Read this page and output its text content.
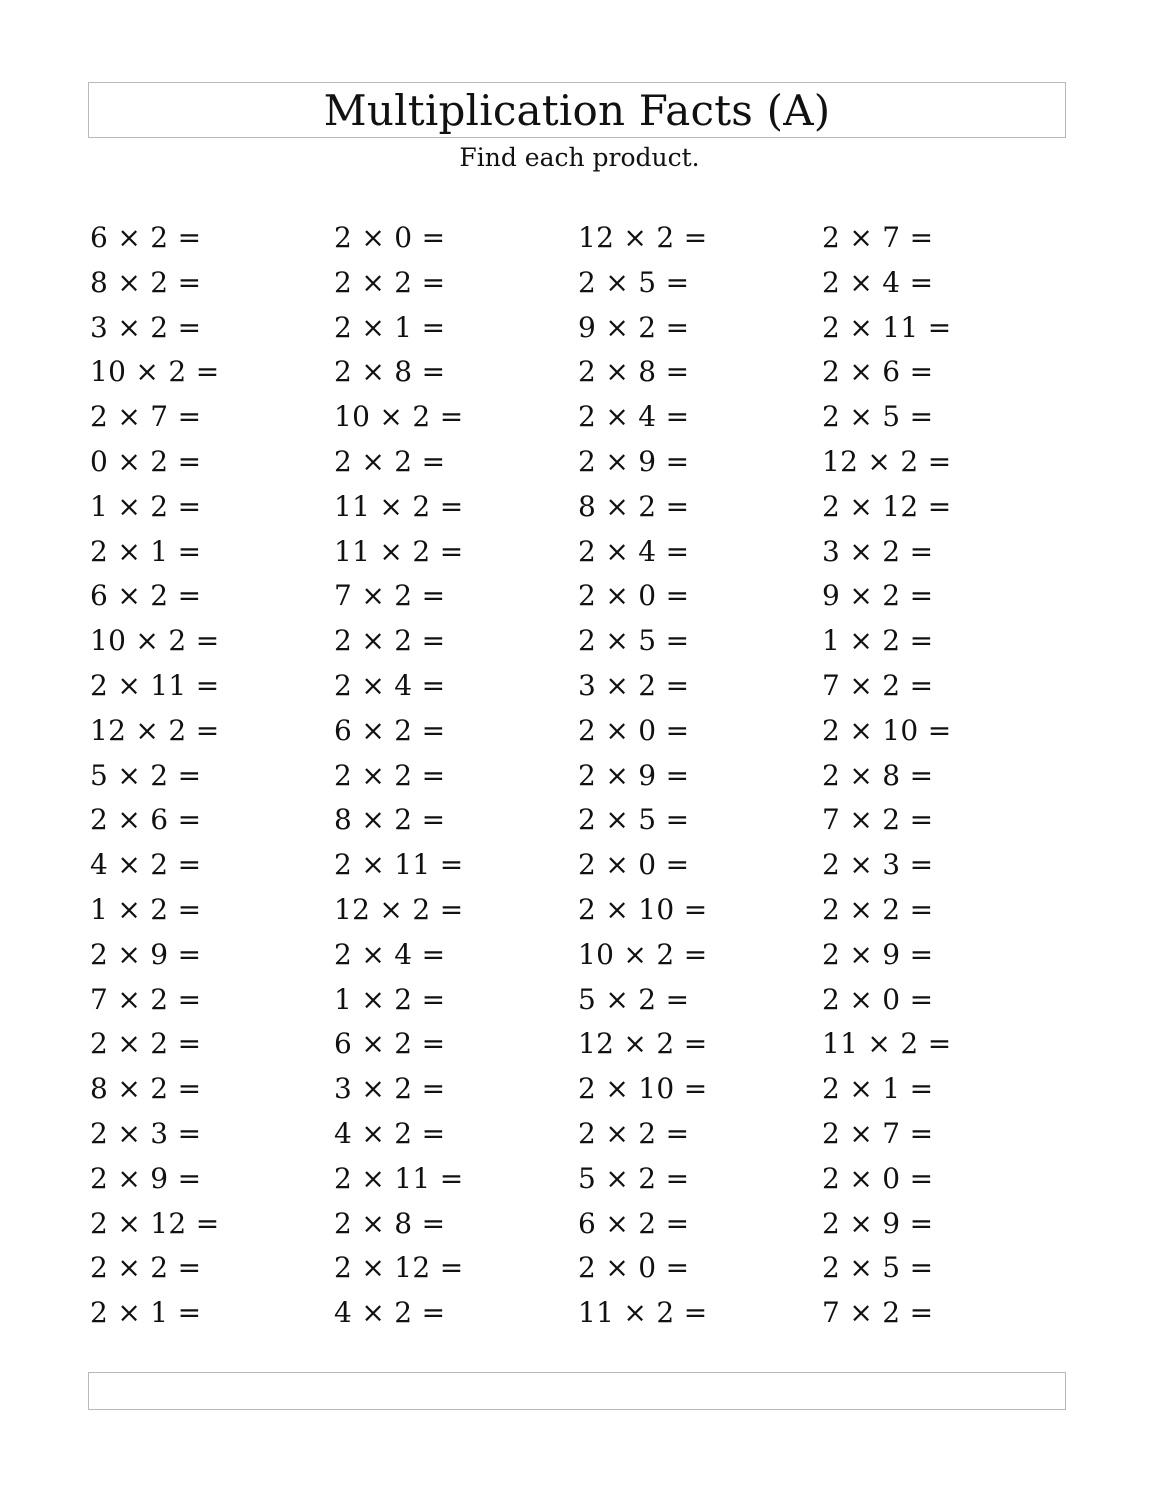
Multiplication Facts (A)
Find each product.
6 × 2 =	2 × 0 =	12 × 2 =	2 × 7 =
8 × 2 =	2 × 2 =	2 × 5 =	2 × 4 =
3 × 2 =	2 × 1 =	9 × 2 =	2 × 11 =
10 × 2 =	2 × 8 =	2 × 8 =	2 × 6 =
2 × 7 =	10 × 2 =	2 × 4 =	2 × 5 =
0 × 2 =	2 × 2 =	2 × 9 =	12 × 2 =
1 × 2 =	11 × 2 =	8 × 2 =	2 × 12 =
2 × 1 =	11 × 2 =	2 × 4 =	3 × 2 =
6 × 2 =	7 × 2 =	2 × 0 =	9 × 2 =
10 × 2 =	2 × 2 =	2 × 5 =	1 × 2 =
2 × 11 =	2 × 4 =	3 × 2 =	7 × 2 =
12 × 2 =	6 × 2 =	2 × 0 =	2 × 10 =
5 × 2 =	2 × 2 =	2 × 9 =	2 × 8 =
2 × 6 =	8 × 2 =	2 × 5 =	7 × 2 =
4 × 2 =	2 × 11 =	2 × 0 =	2 × 3 =
1 × 2 =	12 × 2 =	2 × 10 =	2 × 2 =
2 × 9 =	2 × 4 =	10 × 2 =	2 × 9 =
7 × 2 =	1 × 2 =	5 × 2 =	2 × 0 =
2 × 2 =	6 × 2 =	12 × 2 =	11 × 2 =
8 × 2 =	3 × 2 =	2 × 10 =	2 × 1 =
2 × 3 =	4 × 2 =	2 × 2 =	2 × 7 =
2 × 9 =	2 × 11 =	5 × 2 =	2 × 0 =
2 × 12 =	2 × 8 =	6 × 2 =	2 × 9 =
2 × 2 =	2 × 12 =	2 × 0 =	2 × 5 =
2 × 1 =	4 × 2 =	11 × 2 =	7 × 2 =
